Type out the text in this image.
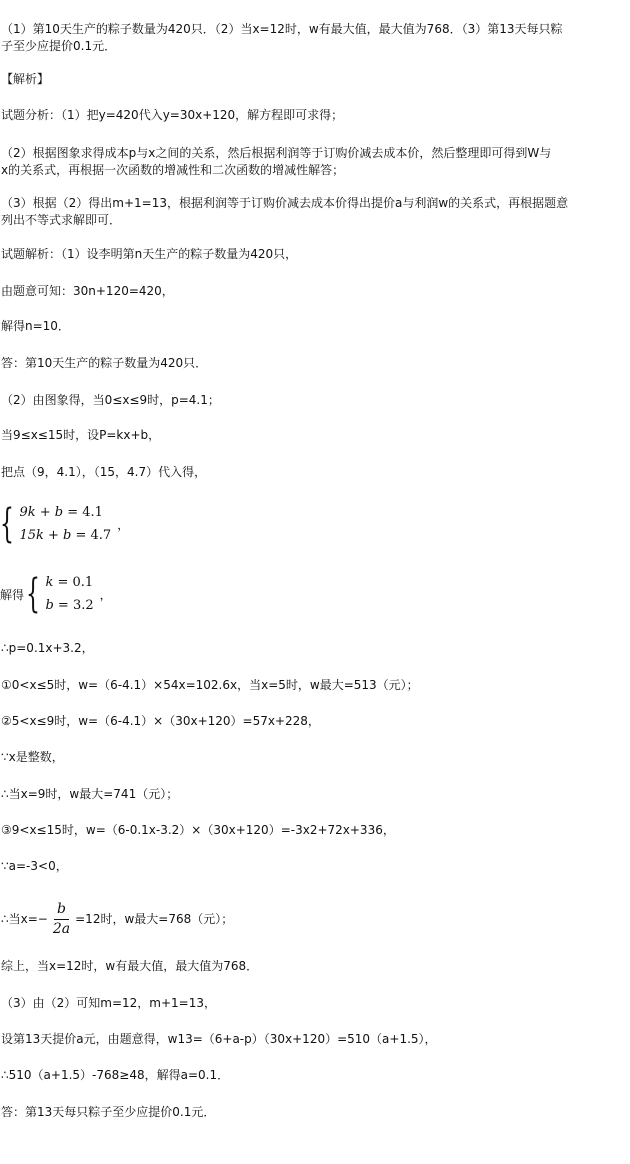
（1）第10天生产的粽子数量为420只．（2）当x=12时，w有最大值，最大值为768．（3）第13天每只粽
子至少应提价0.1元．
【解析】
试题分析：（1）把y=420代入y=30x+120，解方程即可求得；
（2）根据图象求得成本p与x之间的关系，然后根据利润等于订购价减去成本价，然后整理即可得到W与
x的关系式，再根据一次函数的增减性和二次函数的增减性解答；
（3）根据（2）得出m+1=13，根据利润等于订购价减去成本价得出提价a与利润w的关系式，再根据题意
列出不等式求解即可．
试题解析：（1）设李明第n天生产的粽子数量为420只，
由题意可知：30n+120=420，
解得n=10．
答：第10天生产的粽子数量为420只．
（2）由图象得，当0≤x≤9时，p=4.1；
当9≤x≤15时，设P=kx+b，
把点（9，4.1），（15，4.7）代入得，
{ 9k + b = 4.1
15k + b = 4.7
，
解得 { k = 0.1
b = 3.2
，
∴p=0.1x+3.2，
①0<x≤5时，w=（6-4.1）×54x=102.6x，当x=5时，w最大=513（元）；
②5<x≤9时，w=（6-4.1）×（30x+120）=57x+228，
∵x是整数，
∴当x=9时，w最大=741（元）；
③9<x≤15时，w=（6-0.1x-3.2）×（30x+120）=-3x2+72x+336，
∵a=-3<0，
∴当$x=- \frac{b}{2a} =12$时，w最大=768（元）；
综上，当x=12时，w有最大值，最大值为768．
（3）由（2）可知m=12，m+1=13，
设第13天提价a元，由题意得，w13=（6+a-p）（30x+120）=510（a+1.5），
∴510（a+1.5）-768≥48，解得a=0.1．
答：第13天每只粽子至少应提价0.1元．
